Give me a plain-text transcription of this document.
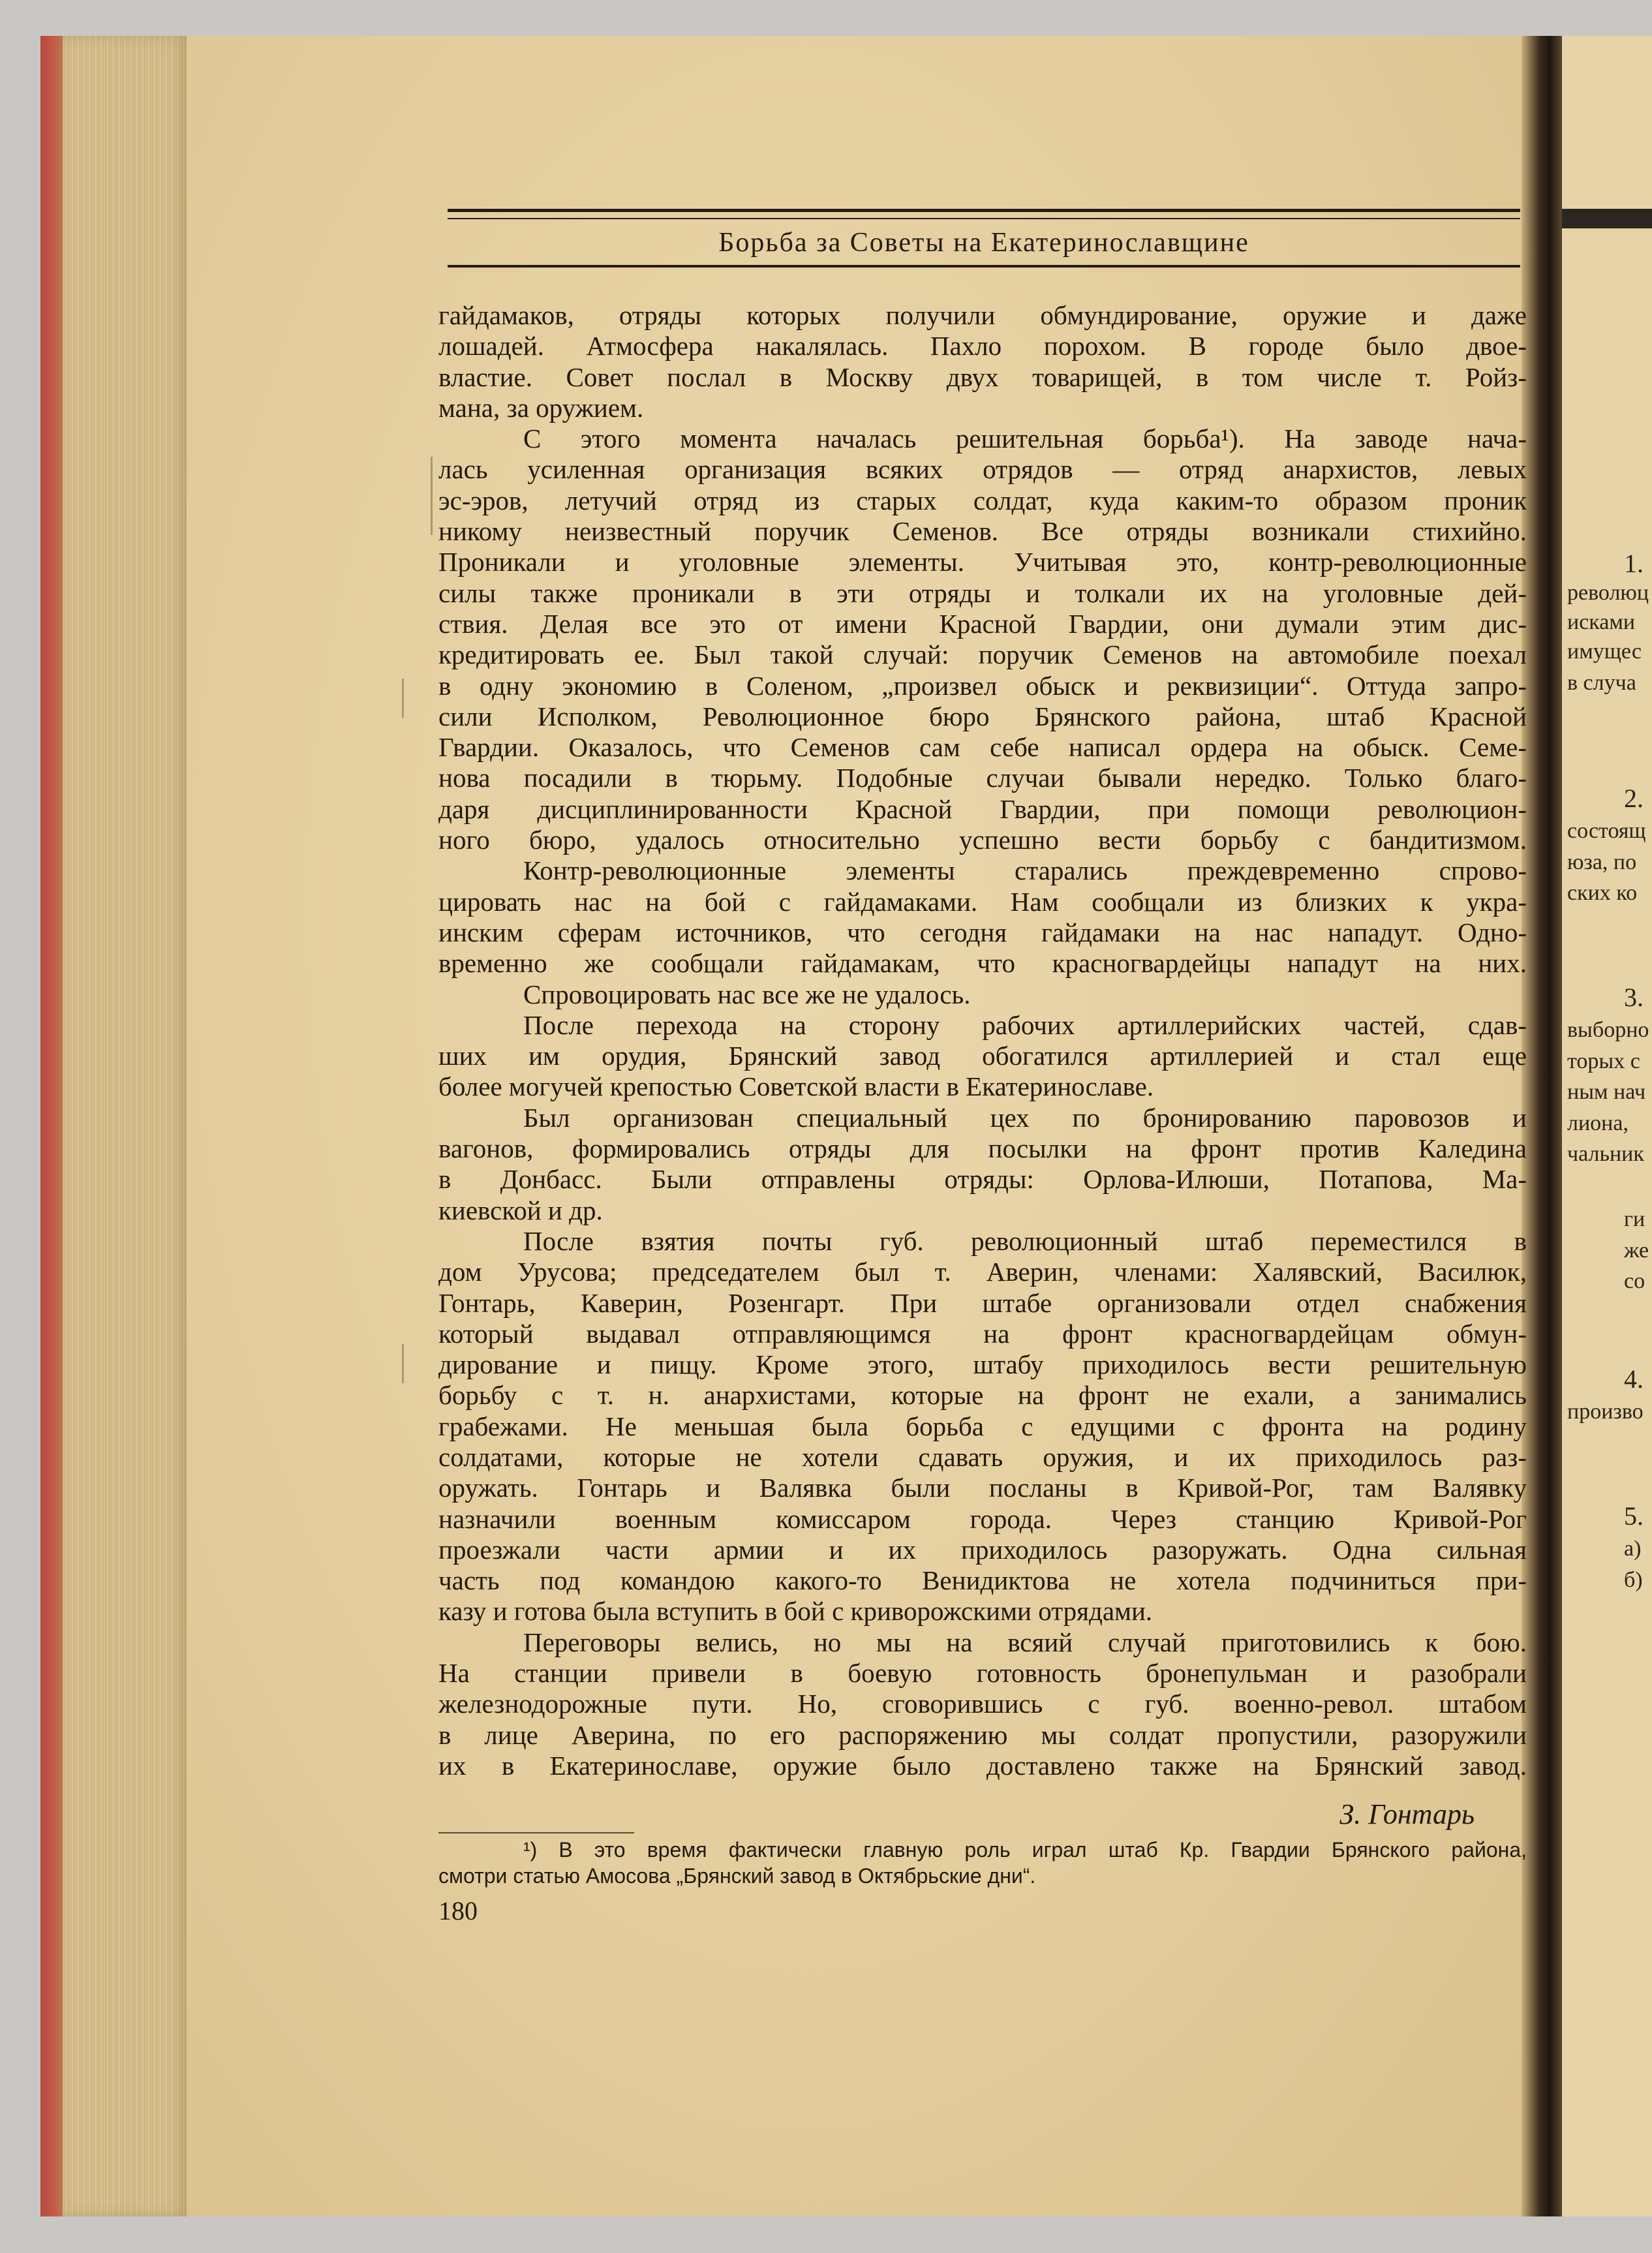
1.
революц
исками
имущес
в случа
2.
состоящ
юза, по
ских ко
3.
выборно
торых с
ным нач
лиона,
чальник
ги
же
со
4.
произво
5.
а)
б)
Борьба за Советы на Екатеринославщине
гайдамаков, отряды которых получили обмундирование, оружие и даже
лошадей. Атмосфера накалялась. Пахло порохом. В городе было двое-
властие. Совет послал в Москву двух товарищей, в том числе т. Ройз-
мана, за оружием.
С этого момента началась решительная борьба¹). На заводе нача-
лась усиленная организация всяких отрядов — отряд анархистов, левых
эс-эров, летучий отряд из старых солдат, куда каким-то образом проник
никому неизвестный поручик Семенов. Все отряды возникали стихийно.
Проникали и уголовные элементы. Учитывая это, контр-революционные
силы также проникали в эти отряды и толкали их на уголовные дей-
ствия. Делая все это от имени Красной Гвардии, они думали этим дис-
кредитировать ее. Был такой случай: поручик Семенов на автомобиле поехал
в одну экономию в Соленом, „произвел обыск и реквизиции“. Оттуда запро-
сили Исполком, Революционное бюро Брянского района, штаб Красной
Гвардии. Оказалось, что Семенов сам себе написал ордера на обыск. Семе-
нова посадили в тюрьму. Подобные случаи бывали нередко. Только благо-
даря дисциплинированности Красной Гвардии, при помощи революцион-
ного бюро, удалось относительно успешно вести борьбу с бандитизмом.
Контр-революционные элементы старались преждевременно спрово-
цировать нас на бой с гайдамаками. Нам сообщали из близких к укра-
инским сферам источников, что сегодня гайдамаки на нас нападут. Одно-
временно же сообщали гайдамакам, что красногвардейцы нападут на них.
Спровоцировать нас все же не удалось.
После перехода на сторону рабочих артиллерийских частей, сдав-
ших им орудия, Брянский завод обогатился артиллерией и стал еще
более могучей крепостью Советской власти в Екатеринославе.
Был организован специальный цех по бронированию паровозов и
вагонов, формировались отряды для посылки на фронт против Каледина
в Донбасс. Были отправлены отряды: Орлова-Илюши, Потапова, Ма-
киевской и др.
После взятия почты губ. революционный штаб переместился в
дом Урусова; председателем был т. Аверин, членами: Халявский, Василюк,
Гонтарь, Каверин, Розенгарт. При штабе организовали отдел снабжения
который выдавал отправляющимся на фронт красногвардейцам обмун-
дирование и пищу. Кроме этого, штабу приходилось вести решительную
борьбу с т. н. анархистами, которые на фронт не ехали, а занимались
грабежами. Не меньшая была борьба с едущими с фронта на родину
солдатами, которые не хотели сдавать оружия, и их приходилось раз-
оружать. Гонтарь и Валявка были посланы в Кривой-Рог, там Валявку
назначили военным комиссаром города. Через станцию Кривой-Рог
проезжали части армии и их приходилось разоружать. Одна сильная
часть под командою какого-то Венидиктова не хотела подчиниться при-
казу и готова была вступить в бой с криворожскими отрядами.
Переговоры велись, но мы на всяий случай приготовились к бою.
На станции привели в боевую готовность бронепульман и разобрали
железнодорожные пути. Но, сговорившись с губ. военно-револ. штабом
в лице Аверина, по его распоряжению мы солдат пропустили, разоружили
их в Екатеринославе, оружие было доставлено также на Брянский завод.
З. Гонтарь
¹) В это время фактически главную роль играл штаб Кр. Гвардии Брянского района,
смотри статью Амосова „Брянский завод в Октябрьские дни“.
180
